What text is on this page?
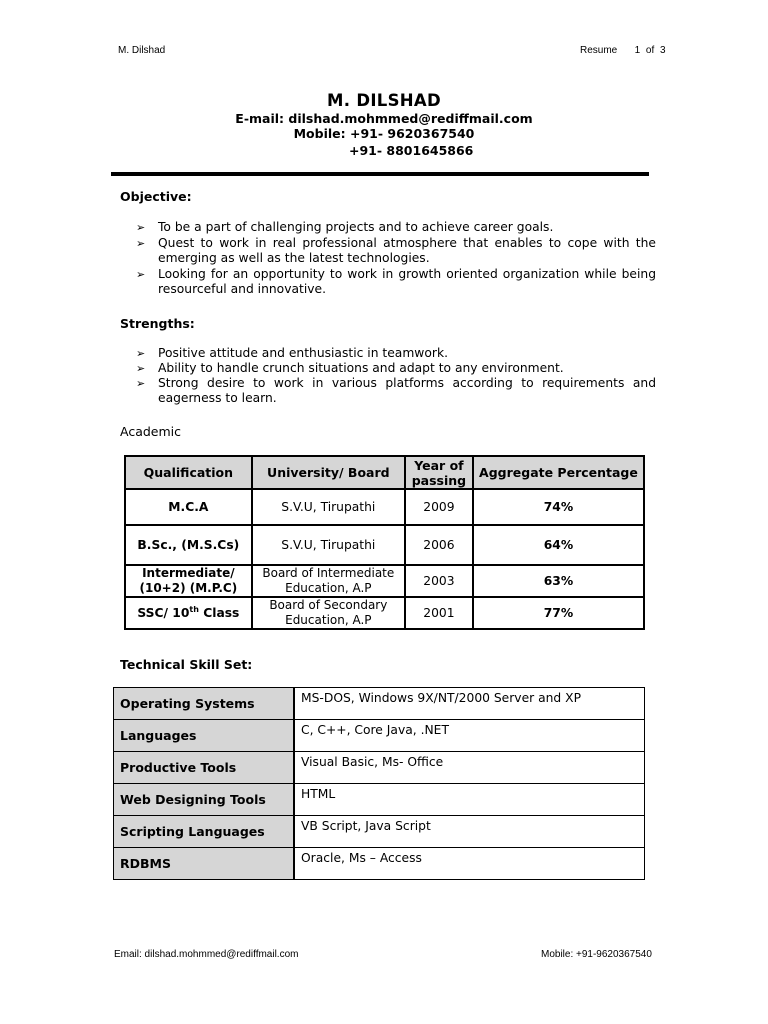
M. Dilshad	Resume   1 of 3
M. DILSHAD
E-mail: dilshad.mohmmed@rediffmail.com
Mobile: +91- 9620367540
+91- 8801645866
Objective:
➢ To be a part of challenging projects and to achieve career goals.
➢ Quest to work in real professional atmosphere that enables to cope with the emerging as well as the latest technologies.
➢ Looking for an opportunity to work in growth oriented organization while being resourceful and innovative.
Strengths:
➢ Positive attitude and enthusiastic in teamwork.
➢ Ability to handle crunch situations and adapt to any environment.
➢ Strong desire to work in various platforms according to requirements and eagerness to learn.
Academic
Qualification	University/ Board	Year of passing	Aggregate Percentage
M.C.A	S.V.U, Tirupathi	2009	74%
B.Sc., (M.S.Cs)	S.V.U, Tirupathi	2006	64%
Intermediate/ (10+2) (M.P.C)	Board of Intermediate Education, A.P	2003	63%
SSC/ 10th Class	Board of Secondary Education, A.P	2001	77%
Technical Skill Set:
Operating Systems	MS-DOS, Windows 9X/NT/2000 Server and XP
Languages	C, C++, Core Java, .NET
Productive Tools	Visual Basic, Ms- Office
Web Designing Tools	HTML
Scripting Languages	VB Script, Java Script
RDBMS	Oracle, Ms – Access
Email: dilshad.mohmmed@rediffmail.com	Mobile: +91-9620367540
